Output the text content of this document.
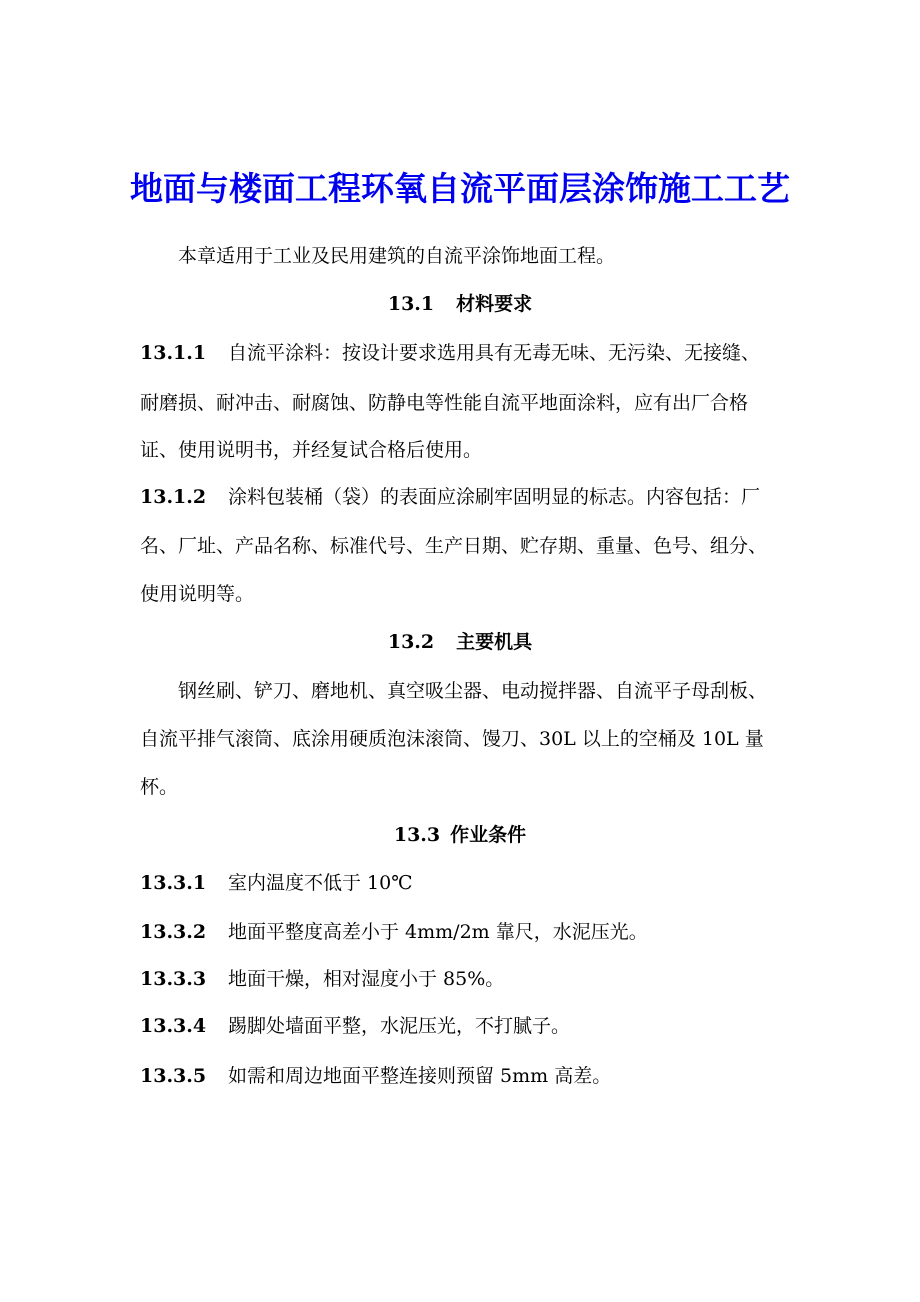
地面与楼面工程环氧自流平面层涂饰施工工艺
本章适用于工业及民用建筑的自流平涂饰地面工程。
13.1 材料要求
13.1.1 自流平涂料：按设计要求选用具有无毒无味、无污染、无接缝、
耐磨损、耐冲击、耐腐蚀、防静电等性能自流平地面涂料，应有出厂合格
证、使用说明书，并经复试合格后使用。
13.1.2 涂料包装桶（袋）的表面应涂刷牢固明显的标志。内容包括：厂
名、厂址、产品名称、标准代号、生产日期、贮存期、重量、色号、组分、
使用说明等。
13.2 主要机具
钢丝刷、铲刀、磨地机、真空吸尘器、电动搅拌器、自流平子母刮板、
自流平排气滚筒、底涂用硬质泡沫滚筒、馒刀、30L 以上的空桶及 10L 量
杯。
13.3 作业条件
13.3.1 室内温度不低于 10℃
13.3.2 地面平整度高差小于 4mm/2m 靠尺，水泥压光。
13.3.3 地面干燥，相对湿度小于 85%。
13.3.4 踢脚处墙面平整，水泥压光，不打腻子。
13.3.5 如需和周边地面平整连接则预留 5mm 高差。
